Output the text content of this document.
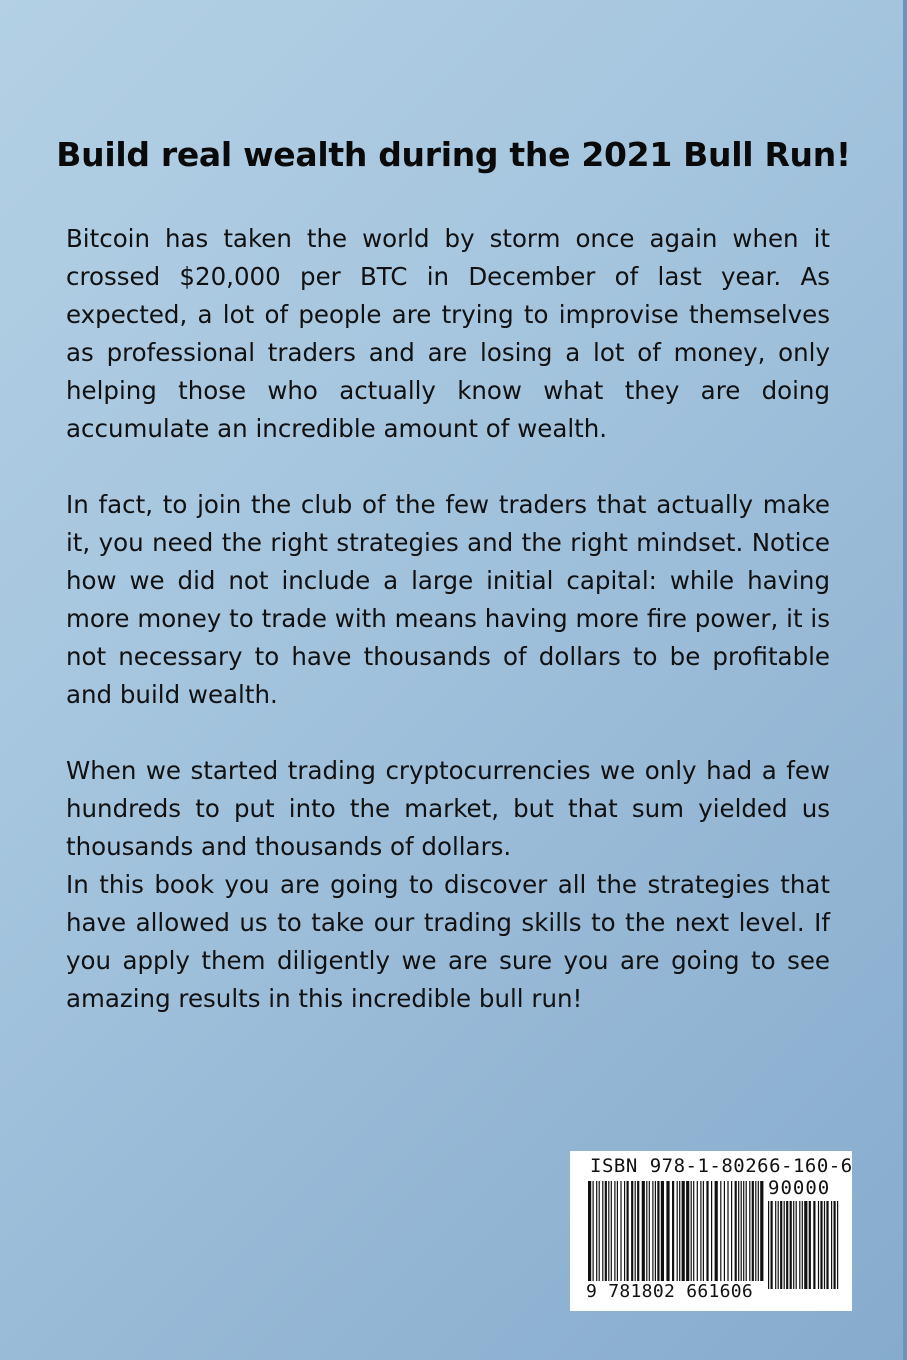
Build real wealth during the 2021 Bull Run!

Bitcoin has taken the world by storm once again when it crossed $20,000 per BTC in December of last year. As expected, a lot of people are trying to improvise themselves as professional traders and are losing a lot of money, only helping those who actually know what they are doing accumulate an incredible amount of wealth.

In fact, to join the club of the few traders that actually make it, you need the right strategies and the right mindset. Notice how we did not include a large initial capital: while having more money to trade with means having more fire power, it is not necessary to have thousands of dollars to be profitable and build wealth.

When we started trading cryptocurrencies we only had a few hundreds to put into the market, but that sum yielded us thousands and thousands of dollars.

In this book you are going to discover all the strategies that have allowed us to take our trading skills to the next level. If you apply them diligently we are sure you are going to see amazing results in this incredible bull run!

ISBN 978-1-80266-160-6
90000
9 781802 661606
